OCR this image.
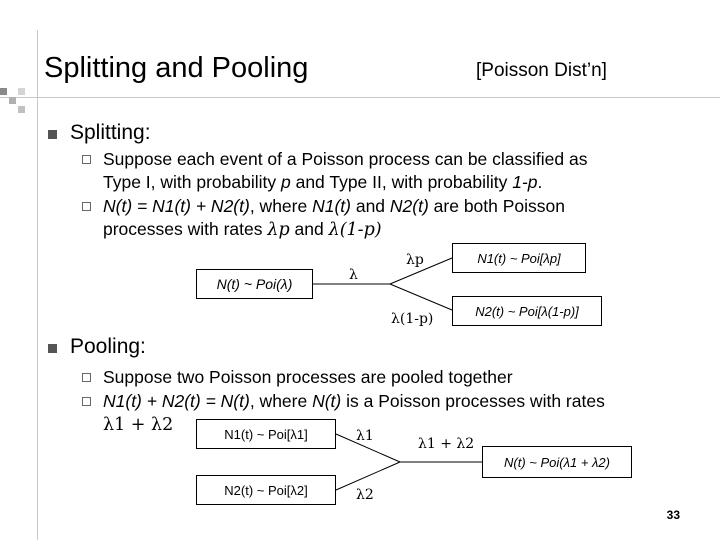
Splitting and Pooling	[Poisson Dist’n]
Splitting:
Suppose each event of a Poisson process can be classified as
Type I, with probability p and Type II, with probability 1-p.
N(t) = N1(t) + N2(t), where N1(t) and N2(t) are both Poisson
processes with rates λp and λ(1-p)
N(t) ~ Poi(λ)
λ
λp
λ(1-p)
N1(t) ~ Poi[λp]
N2(t) ~ Poi[λ(1-p)]
Pooling:
Suppose two Poisson processes are pooled together
N1(t) + N2(t) = N(t), where N(t) is a Poisson processes with rates
λ1 + λ2	N1(t) ~ Poi[λ1]
N2(t) ~ Poi[λ2]
λ1
λ2
λ1 + λ2
N(t) ~ Poi(λ1 + λ2)
33
